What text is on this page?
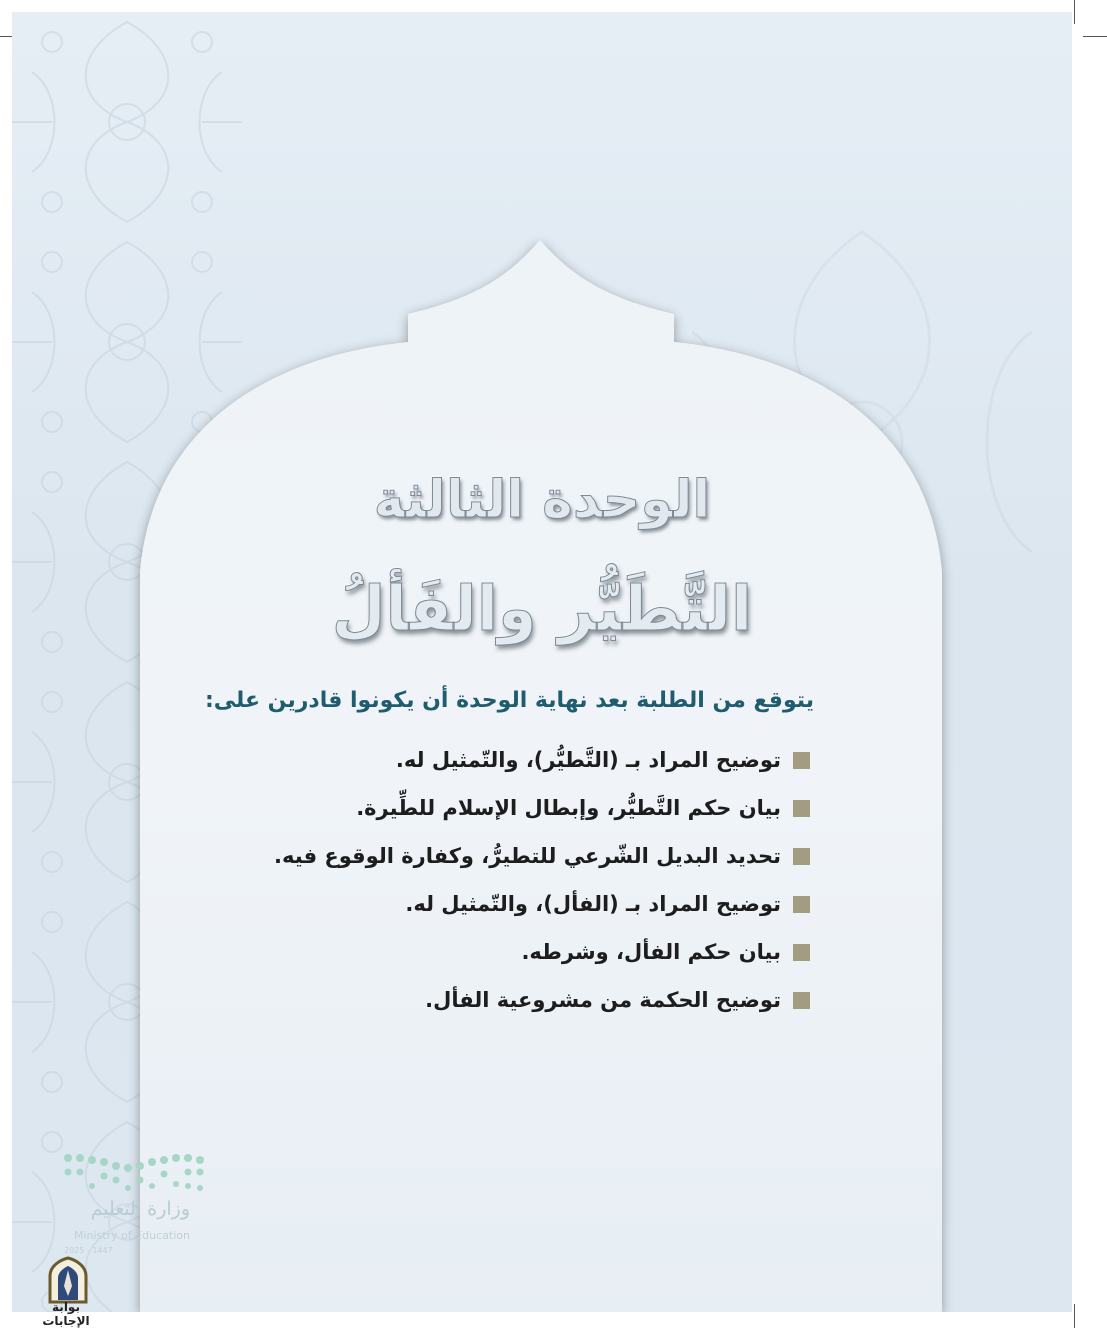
الوحدة الثالثة
التَّطَيُّر والفَألُ
يتوقع من الطلبة بعد نهاية الوحدة أن يكونوا قادرين على:
توضيح المراد بـ (التَّطيُّر)، والتّمثيل له.
بيان حكم التَّطيُّر، وإبطال الإسلام للطِّيرة.
تحديد البديل الشّرعي للتطيرُّ، وكفارة الوقوع فيه.
توضيح المراد بـ (الفأل)، والتّمثيل له.
بيان حكم الفأل، وشرطه.
توضيح الحكمة من مشروعية الفأل.
وزارة التعليم
Ministry of Education
2025 - 1447
بوابة الإجابات
